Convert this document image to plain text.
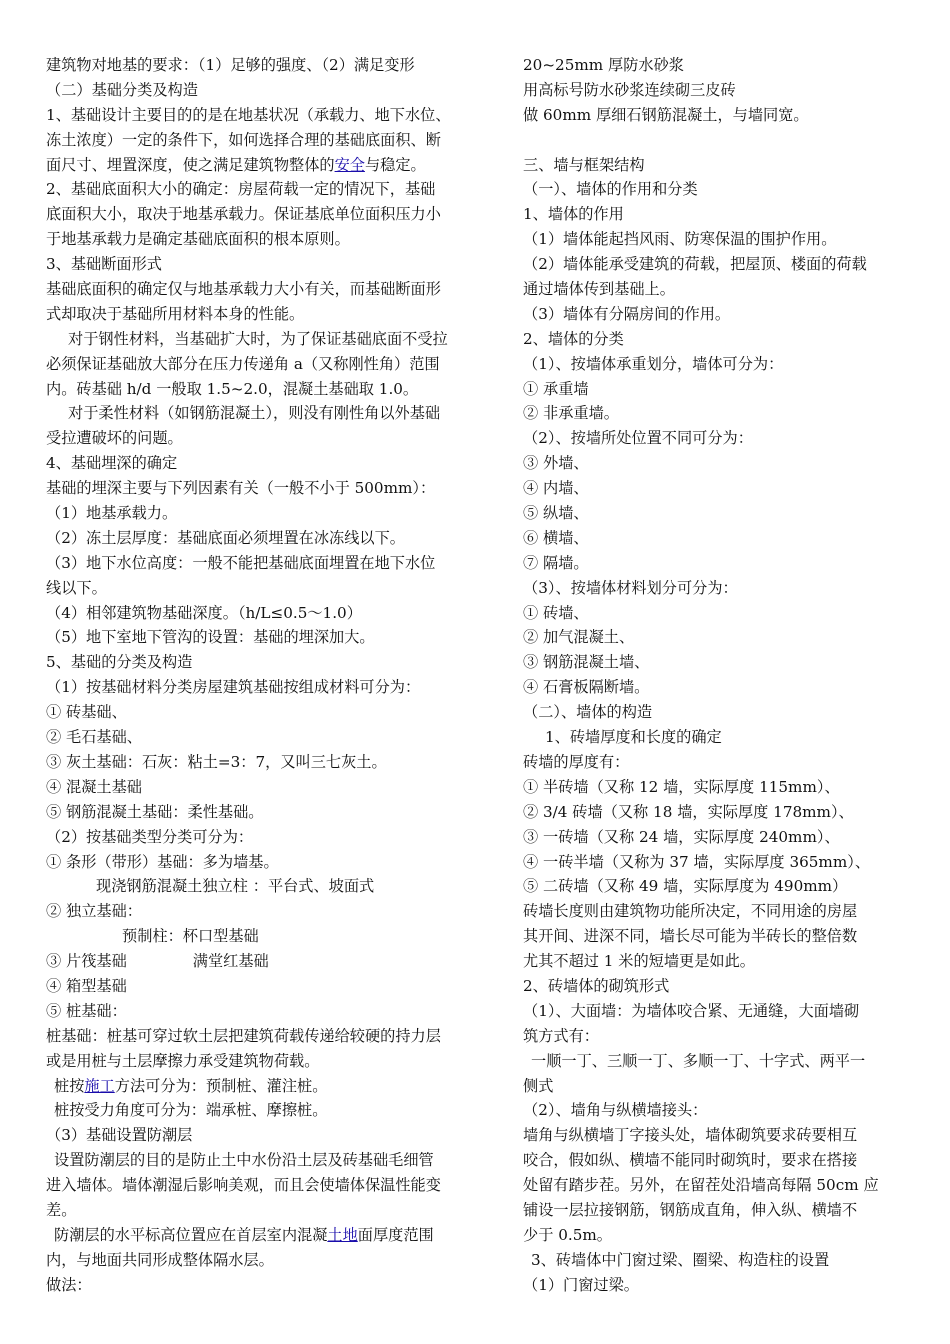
建筑物对地基的要求：（1）足够的强度、（2）满足变形
（二）基础分类及构造
1、基础设计主要目的的是在地基状况（承载力、地下水位、
冻土浓度）一定的条件下，如何选择合理的基础底面积、断
面尺寸、埋置深度，使之满足建筑物整体的安全与稳定。
2、基础底面积大小的确定：房屋荷载一定的情况下，基础
底面积大小，取决于地基承载力。保证基底单位面积压力小
于地基承载力是确定基础底面积的根本原则。
3、基础断面形式
基础底面积的确定仅与地基承载力大小有关，而基础断面形
式却取决于基础所用材料本身的性能。
对于钢性材料，当基础扩大时，为了保证基础底面不受拉
必须保证基础放大部分在压力传递角 a（又称刚性角）范围
内。砖基础 h/d 一般取 1.5~2.0，混凝土基础取 1.0。
对于柔性材料（如钢筋混凝土），则没有刚性角以外基础
受拉遭破坏的问题。
4、基础埋深的确定
基础的埋深主要与下列因素有关（一般不小于 500mm）：
（1）地基承载力。
（2）冻土层厚度：基础底面必须埋置在冰冻线以下。
（3）地下水位高度：一般不能把基础底面埋置在地下水位
线以下。
（4）相邻建筑物基础深度。（h/L≤0.5～1.0）
（5）地下室地下管沟的设置：基础的埋深加大。
5、基础的分类及构造
（1）按基础材料分类房屋建筑基础按组成材料可分为：
① 砖基础、
② 毛石基础、
③ 灰土基础：石灰：粘土=3：7，又叫三七灰土。
④ 混凝土基础
⑤ 钢筋混凝土基础：柔性基础。
（2）按基础类型分类可分为：
① 条形（带形）基础：多为墙基。
现浇钢筋混凝土独立柱 ：平台式、坡面式
② 独立基础：
预制柱：杯口型基础
③ 片筏基础	满堂红基础
④ 箱型基础
⑤ 桩基础：
桩基础：桩基可穿过软土层把建筑荷载传递给较硬的持力层
或是用桩与土层摩擦力承受建筑物荷载。
桩按施工方法可分为：预制桩、灌注桩。
桩按受力角度可分为：端承桩、摩擦桩。
（3）基础设置防潮层
设置防潮层的目的是防止土中水份沿土层及砖基础毛细管
进入墙体。墙体潮湿后影响美观，而且会使墙体保温性能变
差。
防潮层的水平标高位置应在首层室内混凝土地面厚度范围
内，与地面共同形成整体隔水层。
做法：
20~25mm 厚防水砂浆
用高标号防水砂浆连续砌三皮砖
做 60mm 厚细石钢筋混凝土，与墙同宽。
三、墙与框架结构
（一）、墙体的作用和分类
1、墙体的作用
（1）墙体能起挡风雨、防寒保温的围护作用。
（2）墙体能承受建筑的荷载，把屋顶、楼面的荷载
通过墙体传到基础上。
（3）墙体有分隔房间的作用。
2、墙体的分类
（1）、按墙体承重划分，墙体可分为：
① 承重墙
② 非承重墙。
（2）、按墙所处位置不同可分为：
③ 外墙、
④ 内墙、
⑤ 纵墙、
⑥ 横墙、
⑦ 隔墙。
（3）、按墙体材料划分可分为：
① 砖墙、
② 加气混凝土、
③ 钢筋混凝土墙、
④ 石膏板隔断墙。
（二）、墙体的构造
1、砖墙厚度和长度的确定
砖墙的厚度有：
① 半砖墙（又称 12 墙，实际厚度 115mm）、
② 3/4 砖墙（又称 18 墙，实际厚度 178mm）、
③ 一砖墙（又称 24 墙，实际厚度 240mm）、
④ 一砖半墙（又称为 37 墙，实际厚度 365mm）、
⑤ 二砖墙（又称 49 墙，实际厚度为 490mm）
砖墙长度则由建筑物功能所决定，不同用途的房屋
其开间、进深不同，墙长尽可能为半砖长的整倍数
尤其不超过 1 米的短墙更是如此。
2、砖墙体的砌筑形式
（1）、大面墙：为墙体咬合紧、无通缝，大面墙砌
筑方式有：
一顺一丁、三顺一丁、多顺一丁、十字式、两平一
侧式
（2）、墙角与纵横墙接头：
墙角与纵横墙丁字接头处，墙体砌筑要求砖要相互
咬合，假如纵、横墙不能同时砌筑时，要求在搭接
处留有踏步茬。另外，在留茬处沿墙高每隔 50cm 应
铺设一层拉接钢筋，钢筋成直角，伸入纵、横墙不
少于 0.5m。
3、砖墙体中门窗过梁、圈梁、构造柱的设置
（1）门窗过梁。
